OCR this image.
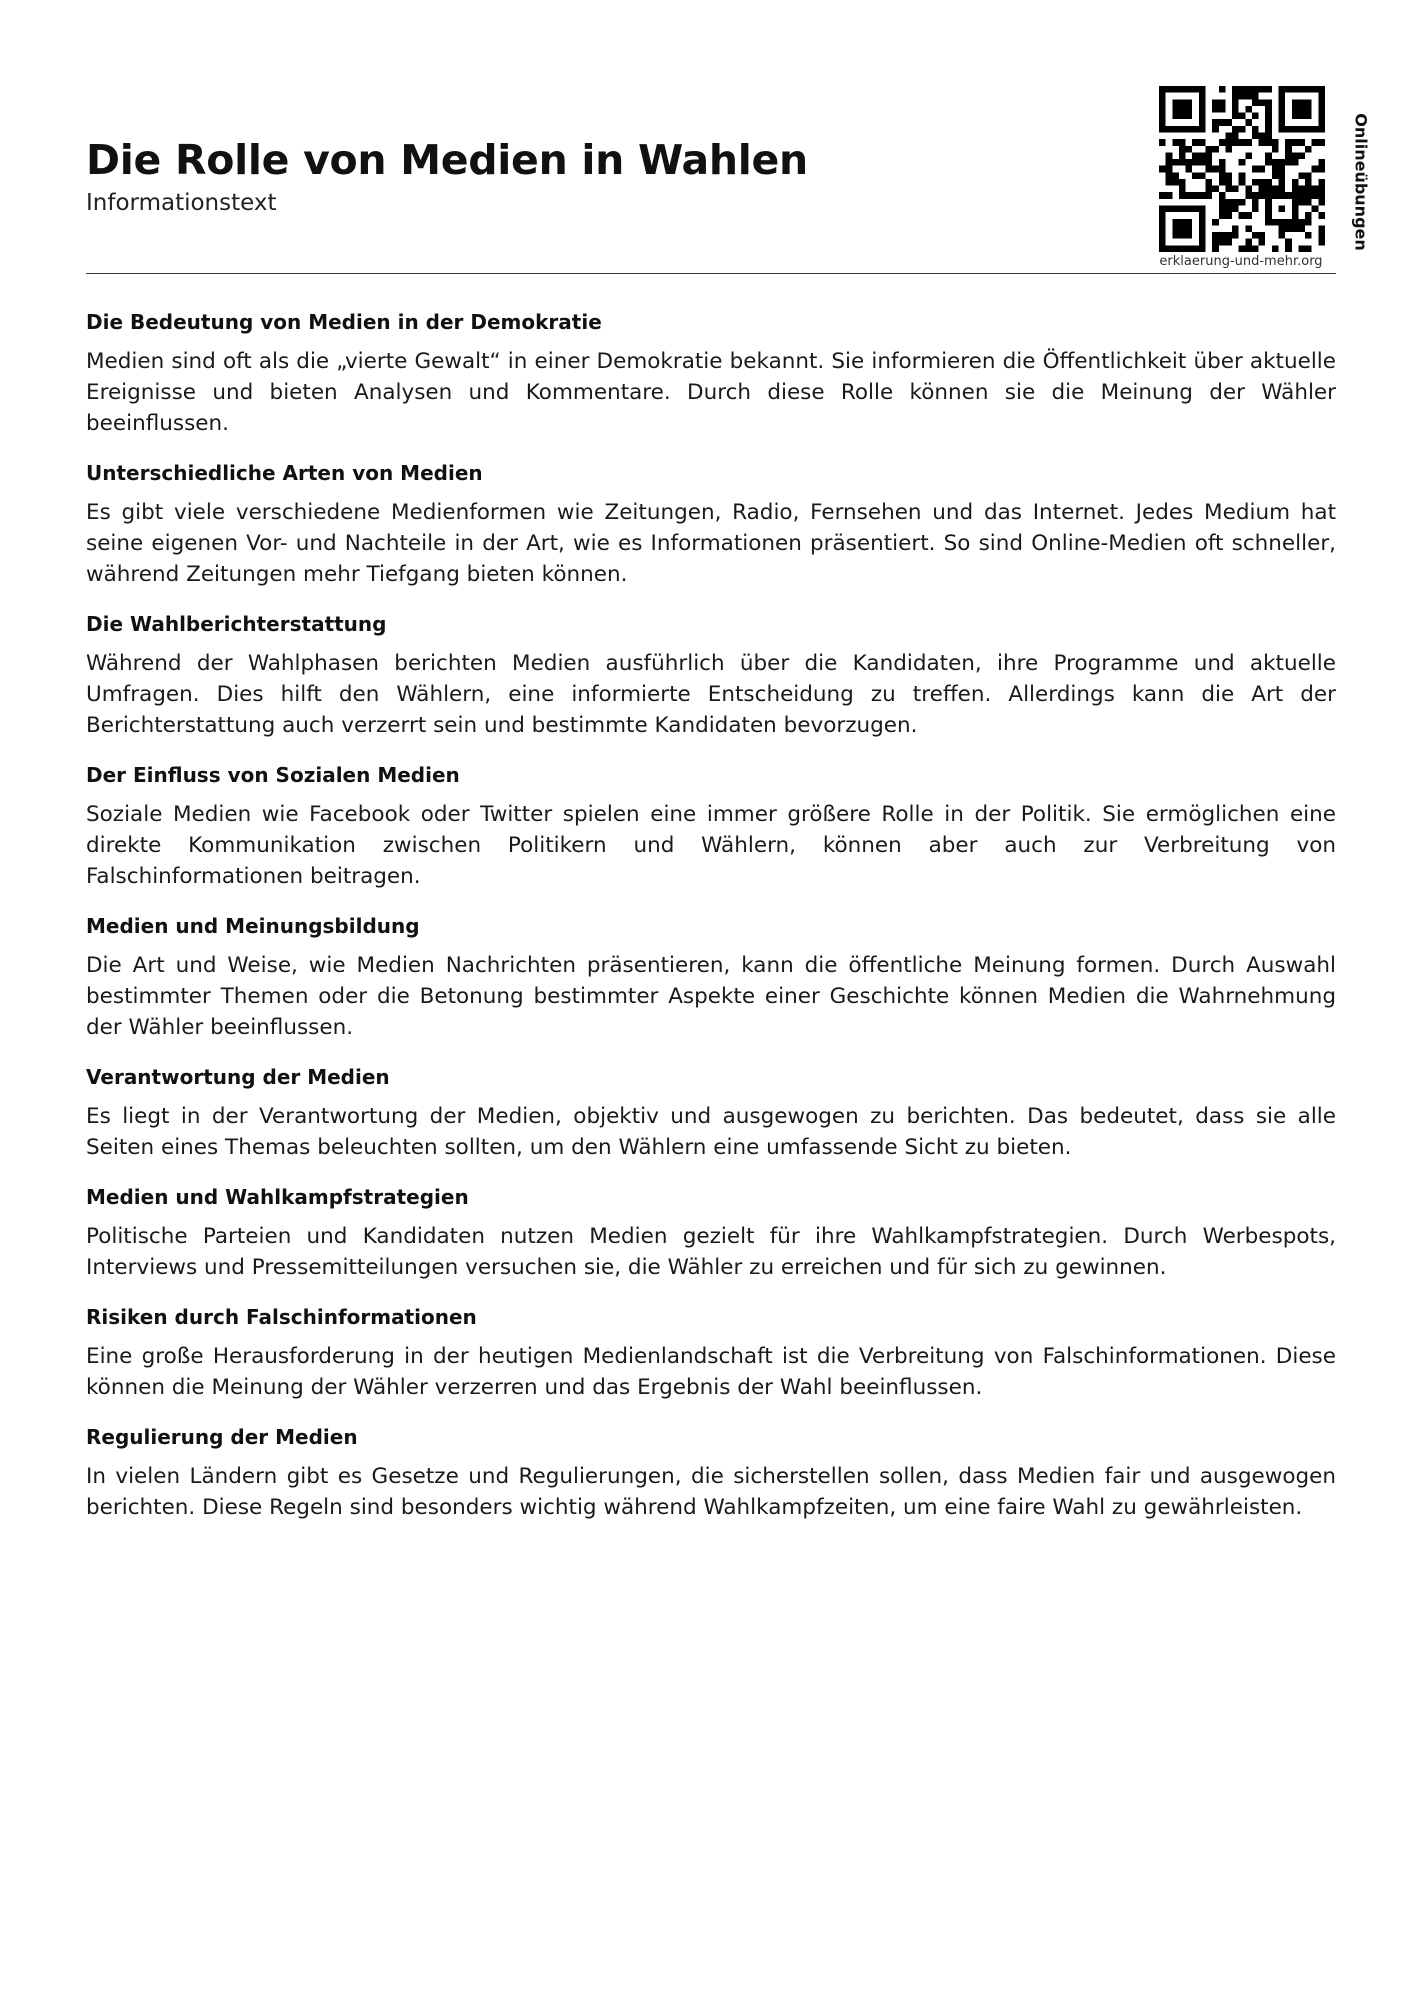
Die Rolle von Medien in Wahlen

Informationstext	Onlineübungen
erklaerung-und-mehr.org
Die Bedeutung von Medien in der Demokratie

Medien sind oft als die „vierte Gewalt“ in einer Demokratie bekannt. Sie informieren die Öffentlichkeit über aktuelle Ereignisse und bieten Analysen und Kommentare. Durch diese Rolle können sie die Meinung der Wähler beeinflussen.

Unterschiedliche Arten von Medien

Es gibt viele verschiedene Medienformen wie Zeitungen, Radio, Fernsehen und das Internet. Jedes Medium hat seine eigenen Vor- und Nachteile in der Art, wie es Informationen präsentiert. So sind Online-Medien oft schneller, während Zeitungen mehr Tiefgang bieten können.

Die Wahlberichterstattung

Während der Wahlphasen berichten Medien ausführlich über die Kandidaten, ihre Programme und aktuelle Umfragen. Dies hilft den Wählern, eine informierte Entscheidung zu treffen. Allerdings kann die Art der Berichterstattung auch verzerrt sein und bestimmte Kandidaten bevorzugen.

Der Einfluss von Sozialen Medien

Soziale Medien wie Facebook oder Twitter spielen eine immer größere Rolle in der Politik. Sie ermöglichen eine direkte Kommunikation zwischen Politikern und Wählern, können aber auch zur Verbreitung von Falschinformationen beitragen.

Medien und Meinungsbildung

Die Art und Weise, wie Medien Nachrichten präsentieren, kann die öffentliche Meinung formen. Durch Auswahl bestimmter Themen oder die Betonung bestimmter Aspekte einer Geschichte können Medien die Wahrnehmung der Wähler beeinflussen.

Verantwortung der Medien

Es liegt in der Verantwortung der Medien, objektiv und ausgewogen zu berichten. Das bedeutet, dass sie alle Seiten eines Themas beleuchten sollten, um den Wählern eine umfassende Sicht zu bieten.

Medien und Wahlkampfstrategien

Politische Parteien und Kandidaten nutzen Medien gezielt für ihre Wahlkampfstrategien. Durch Werbespots, Interviews und Pressemitteilungen versuchen sie, die Wähler zu erreichen und für sich zu gewinnen.

Risiken durch Falschinformationen

Eine große Herausforderung in der heutigen Medienlandschaft ist die Verbreitung von Falschinformationen. Diese können die Meinung der Wähler verzerren und das Ergebnis der Wahl beeinflussen.

Regulierung der Medien

In vielen Ländern gibt es Gesetze und Regulierungen, die sicherstellen sollen, dass Medien fair und ausgewogen berichten. Diese Regeln sind besonders wichtig während Wahlkampfzeiten, um eine faire Wahl zu gewährleisten.
